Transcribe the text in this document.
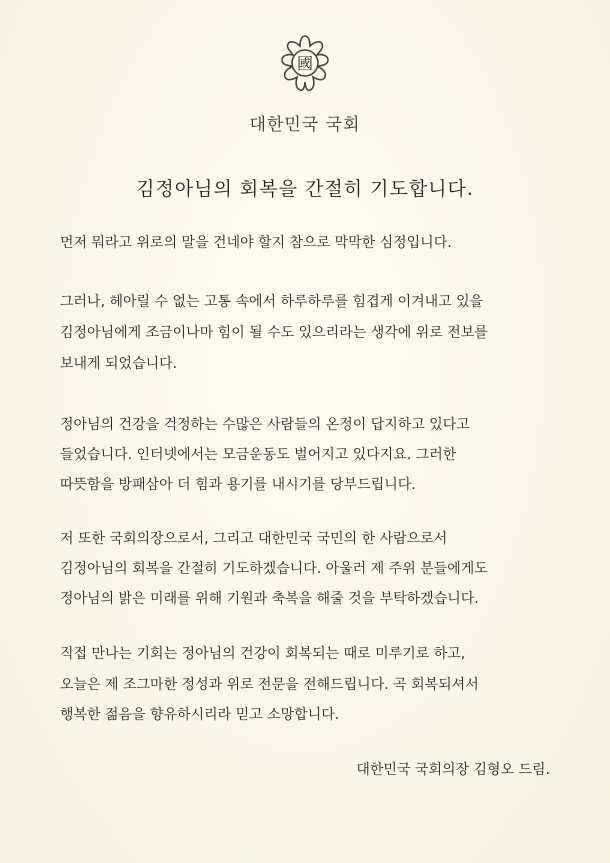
國
대한민국 국회
김정아님의 회복을 간절히 기도합니다.
먼저 뭐라고 위로의 말을 건네야 할지 참으로 막막한 심정입니다.
그러나, 헤아릴 수 없는 고통 속에서 하루하루를 힘겹게 이겨내고 있을
김정아님에게 조금이나마 힘이 될 수도 있으리라는 생각에 위로 전보를
보내게 되었습니다.
정아님의 건강을 걱정하는 수많은 사람들의 온정이 답지하고 있다고
들었습니다. 인터넷에서는 모금운동도 벌어지고 있다지요. 그러한
따뜻함을 방패삼아 더 힘과 용기를 내시기를 당부드립니다.
저 또한 국회의장으로서, 그리고 대한민국 국민의 한 사람으로서
김정아님의 회복을 간절히 기도하겠습니다. 아울러 제 주위 분들에게도
정아님의 밝은 미래를 위해 기원과 축복을 해줄 것을 부탁하겠습니다.
직접 만나는 기회는 정아님의 건강이 회복되는 때로 미루기로 하고,
오늘은 제 조그마한 정성과 위로 전문을 전해드립니다. 곡 회복되셔서
행복한 젊음을 향유하시리라 믿고 소망합니다.
대한민국 국회의장 김형오 드림.
